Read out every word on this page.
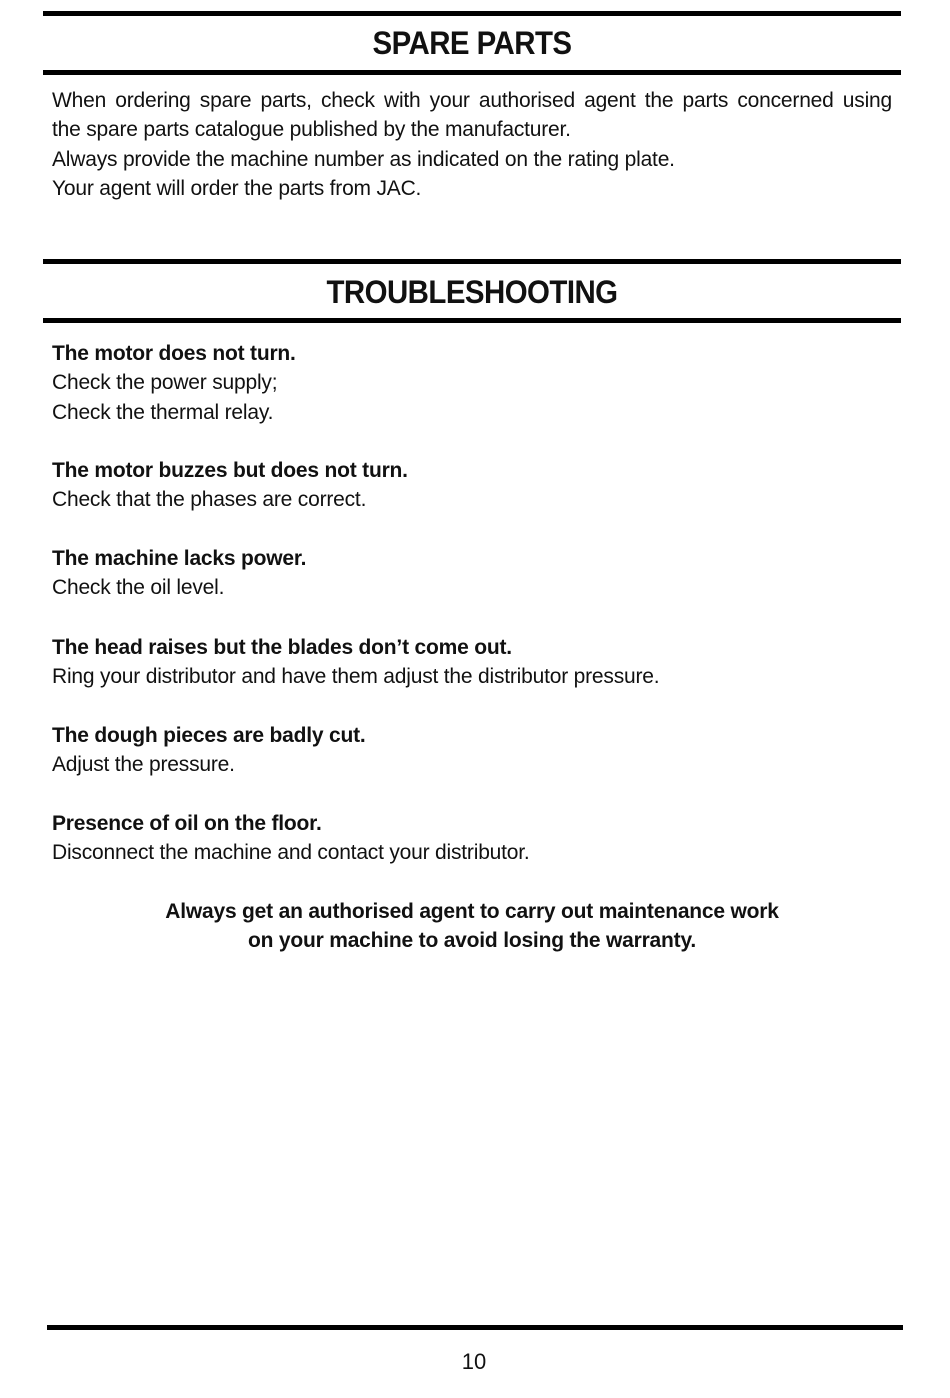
SPARE PARTS

When ordering spare parts, check with your authorised agent the parts concerned using

the spare parts catalogue published by the manufacturer.

Always provide the machine number as indicated on the rating plate.

Your agent will order the parts from JAC.

TROUBLESHOOTING

The motor does not turn.

Check the power supply;

Check the thermal relay.

The motor buzzes but does not turn.

Check that the phases are correct.

The machine lacks power.

Check the oil level.

The head raises but the blades don’t come out.

Ring your distributor and have them adjust the distributor pressure.

The dough pieces are badly cut.

Adjust the pressure.

Presence of oil on the floor.

Disconnect the machine and contact your distributor.

Always get an authorised agent to carry out maintenance work

on your machine to avoid losing the warranty.

10
